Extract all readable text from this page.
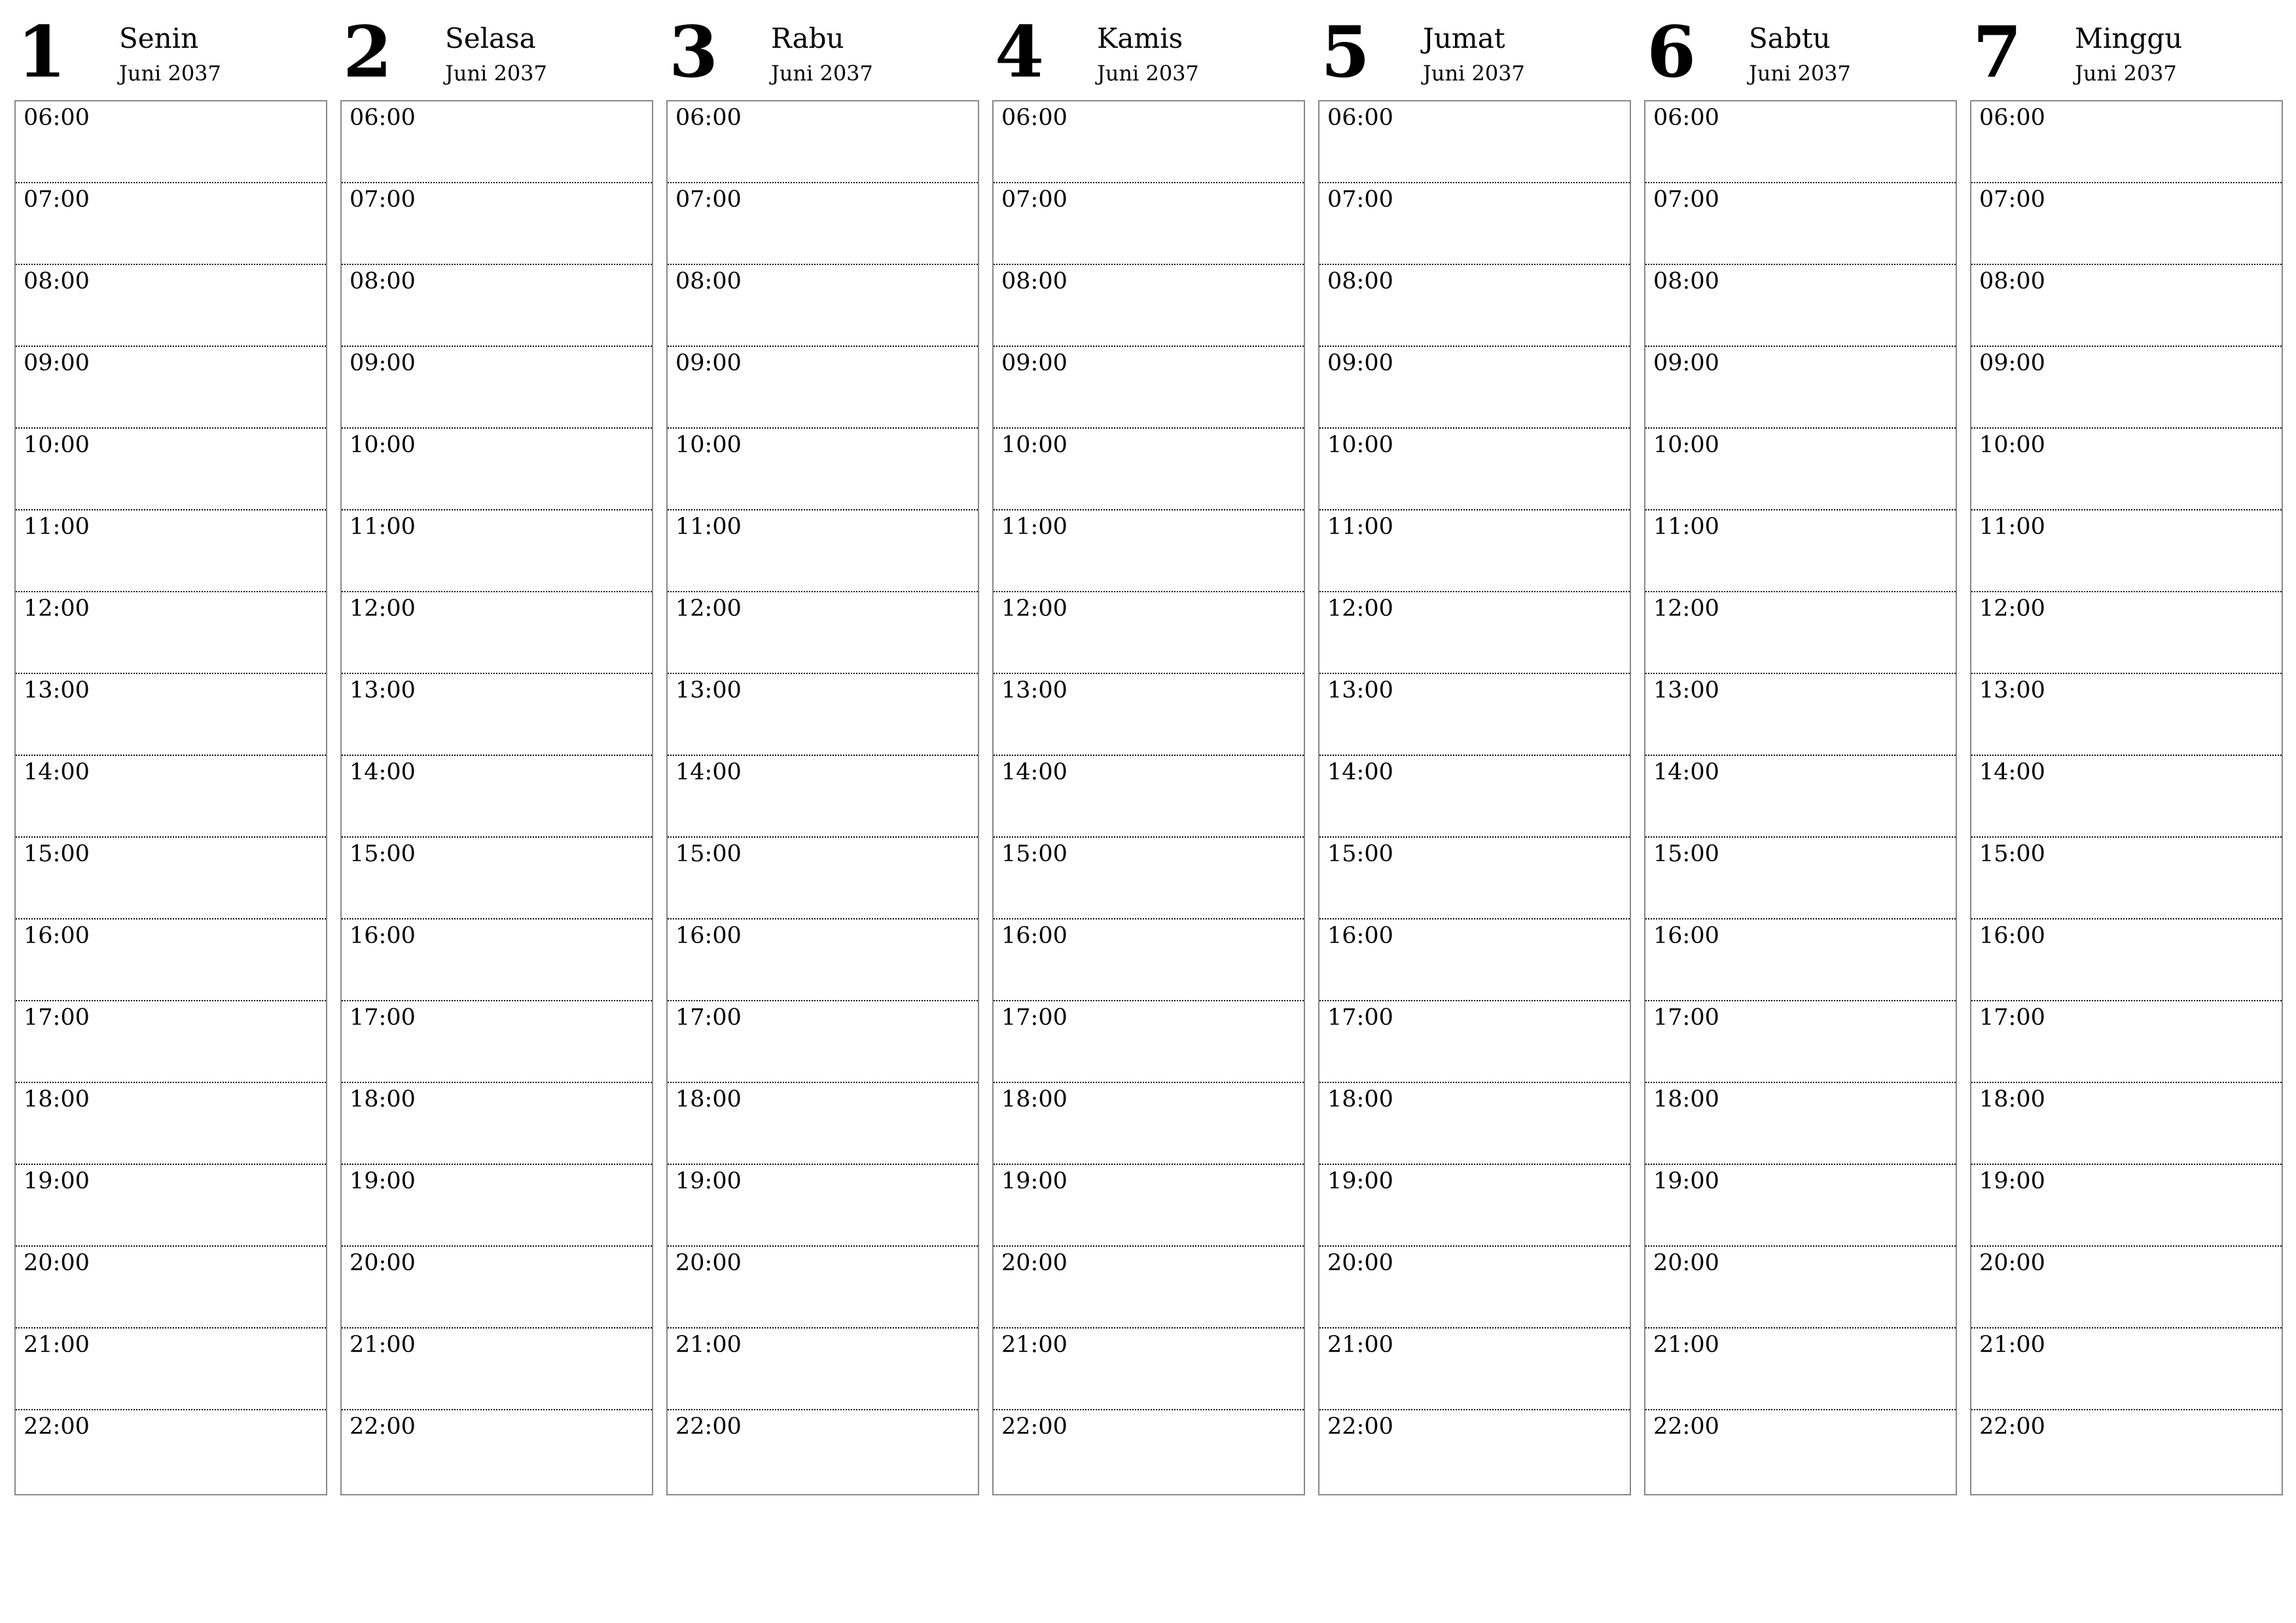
1 Senin
Juni 2037
06:00
07:00
08:00
09:00
10:00
11:00
12:00
13:00
14:00
15:00
16:00
17:00
18:00
19:00
20:00
21:00
22:00
2 Selasa
Juni 2037
06:00
07:00
08:00
09:00
10:00
11:00
12:00
13:00
14:00
15:00
16:00
17:00
18:00
19:00
20:00
21:00
22:00
3 Rabu
Juni 2037
06:00
07:00
08:00
09:00
10:00
11:00
12:00
13:00
14:00
15:00
16:00
17:00
18:00
19:00
20:00
21:00
22:00
4 Kamis
Juni 2037
06:00
07:00
08:00
09:00
10:00
11:00
12:00
13:00
14:00
15:00
16:00
17:00
18:00
19:00
20:00
21:00
22:00
5 Jumat
Juni 2037
06:00
07:00
08:00
09:00
10:00
11:00
12:00
13:00
14:00
15:00
16:00
17:00
18:00
19:00
20:00
21:00
22:00
6 Sabtu
Juni 2037
06:00
07:00
08:00
09:00
10:00
11:00
12:00
13:00
14:00
15:00
16:00
17:00
18:00
19:00
20:00
21:00
22:00
7 Minggu
Juni 2037
06:00
07:00
08:00
09:00
10:00
11:00
12:00
13:00
14:00
15:00
16:00
17:00
18:00
19:00
20:00
21:00
22:00
